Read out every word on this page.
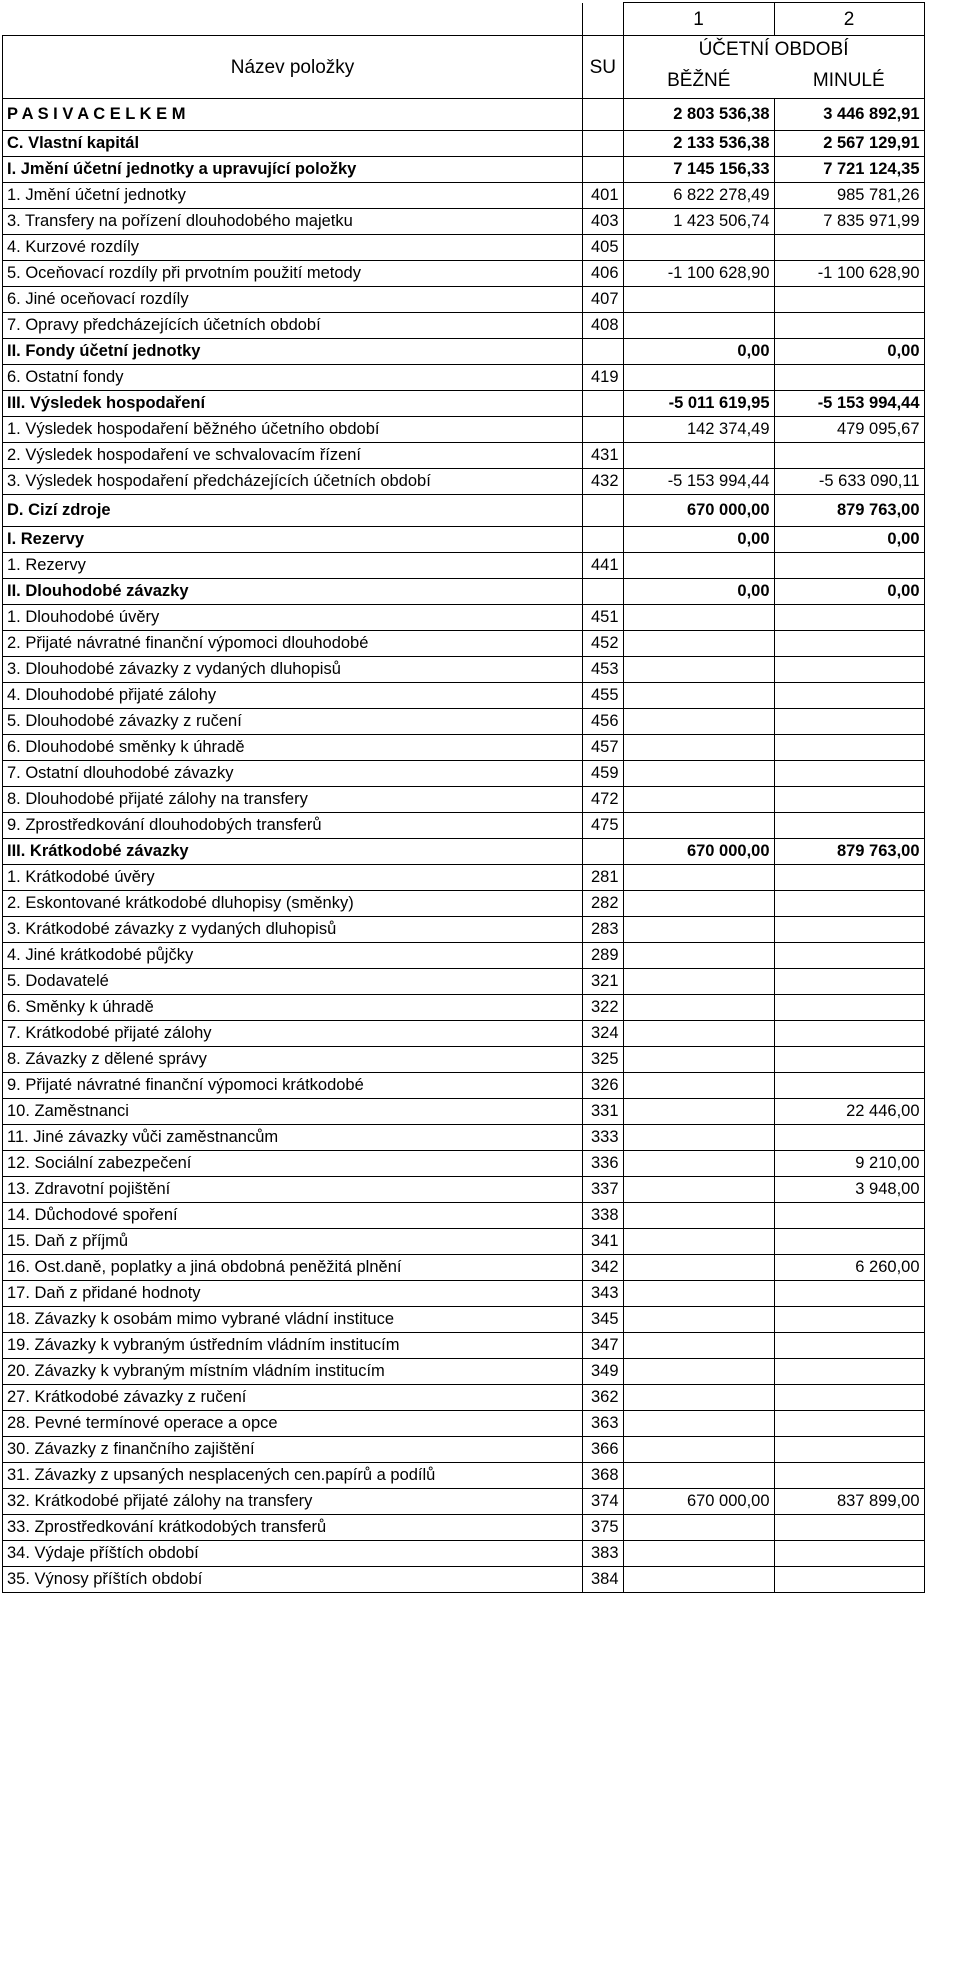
		1	2
Název položky	SU	ÚČETNÍ OBDOBÍ	
		BĚŽNÉ	MINULÉ
P A S I V A C E L K E M		2 803 536,38	3 446 892,91
C. Vlastní kapitál		2 133 536,38	2 567 129,91
I. Jmění účetní jednotky a upravující položky		7 145 156,33	7 721 124,35
1. Jmění účetní jednotky	401	6 822 278,49	985 781,26
3. Transfery na pořízení dlouhodobého majetku	403	1 423 506,74	7 835 971,99
4. Kurzové rozdíly	405		
5. Oceňovací rozdíly při prvotním použití metody	406	-1 100 628,90	-1 100 628,90
6. Jiné oceňovací rozdíly	407		
7. Opravy předcházejících účetních období	408		
II. Fondy účetní jednotky		0,00	0,00
6. Ostatní fondy	419		
III. Výsledek hospodaření		-5 011 619,95	-5 153 994,44
1. Výsledek hospodaření běžného účetního období		142 374,49	479 095,67
2. Výsledek hospodaření ve schvalovacím řízení	431		
3. Výsledek hospodaření předcházejících účetních období	432	-5 153 994,44	-5 633 090,11
D. Cizí zdroje		670 000,00	879 763,00
I. Rezervy		0,00	0,00
1. Rezervy	441		
II. Dlouhodobé závazky		0,00	0,00
1. Dlouhodobé úvěry	451		
2. Přijaté návratné finanční výpomoci dlouhodobé	452		
3. Dlouhodobé závazky z vydaných dluhopisů	453		
4. Dlouhodobé přijaté zálohy	455		
5. Dlouhodobé závazky z ručení	456		
6. Dlouhodobé směnky k úhradě	457		
7. Ostatní dlouhodobé závazky	459		
8. Dlouhodobé přijaté zálohy na transfery	472		
9. Zprostředkování dlouhodobých transferů	475		
III. Krátkodobé závazky		670 000,00	879 763,00
1. Krátkodobé úvěry	281		
2. Eskontované krátkodobé dluhopisy (směnky)	282		
3. Krátkodobé závazky z vydaných dluhopisů	283		
4. Jiné krátkodobé půjčky	289		
5. Dodavatelé	321		
6. Směnky k úhradě	322		
7. Krátkodobé přijaté zálohy	324		
8. Závazky z dělené správy	325		
9. Přijaté návratné finanční výpomoci krátkodobé	326		
10. Zaměstnanci	331		22 446,00
11. Jiné závazky vůči zaměstnancům	333		
12. Sociální zabezpečení	336		9 210,00
13. Zdravotní pojištění	337		3 948,00
14. Důchodové spoření	338		
15. Daň z příjmů	341		
16. Ost.daně, poplatky a jiná obdobná peněžitá plnění	342		6 260,00
17. Daň z přidané hodnoty	343		
18. Závazky k osobám mimo vybrané vládní instituce	345		
19. Závazky k vybraným ústředním vládním institucím	347		
20. Závazky k vybraným místním vládním institucím	349		
27. Krátkodobé závazky z ručení	362		
28. Pevné termínové operace a opce	363		
30. Závazky z finančního zajištění	366		
31. Závazky z upsaných nesplacených cen.papírů a podílů	368		
32. Krátkodobé přijaté zálohy na transfery	374	670 000,00	837 899,00
33. Zprostředkování krátkodobých transferů	375		
34. Výdaje příštích období	383		
35. Výnosy příštích období	384		
